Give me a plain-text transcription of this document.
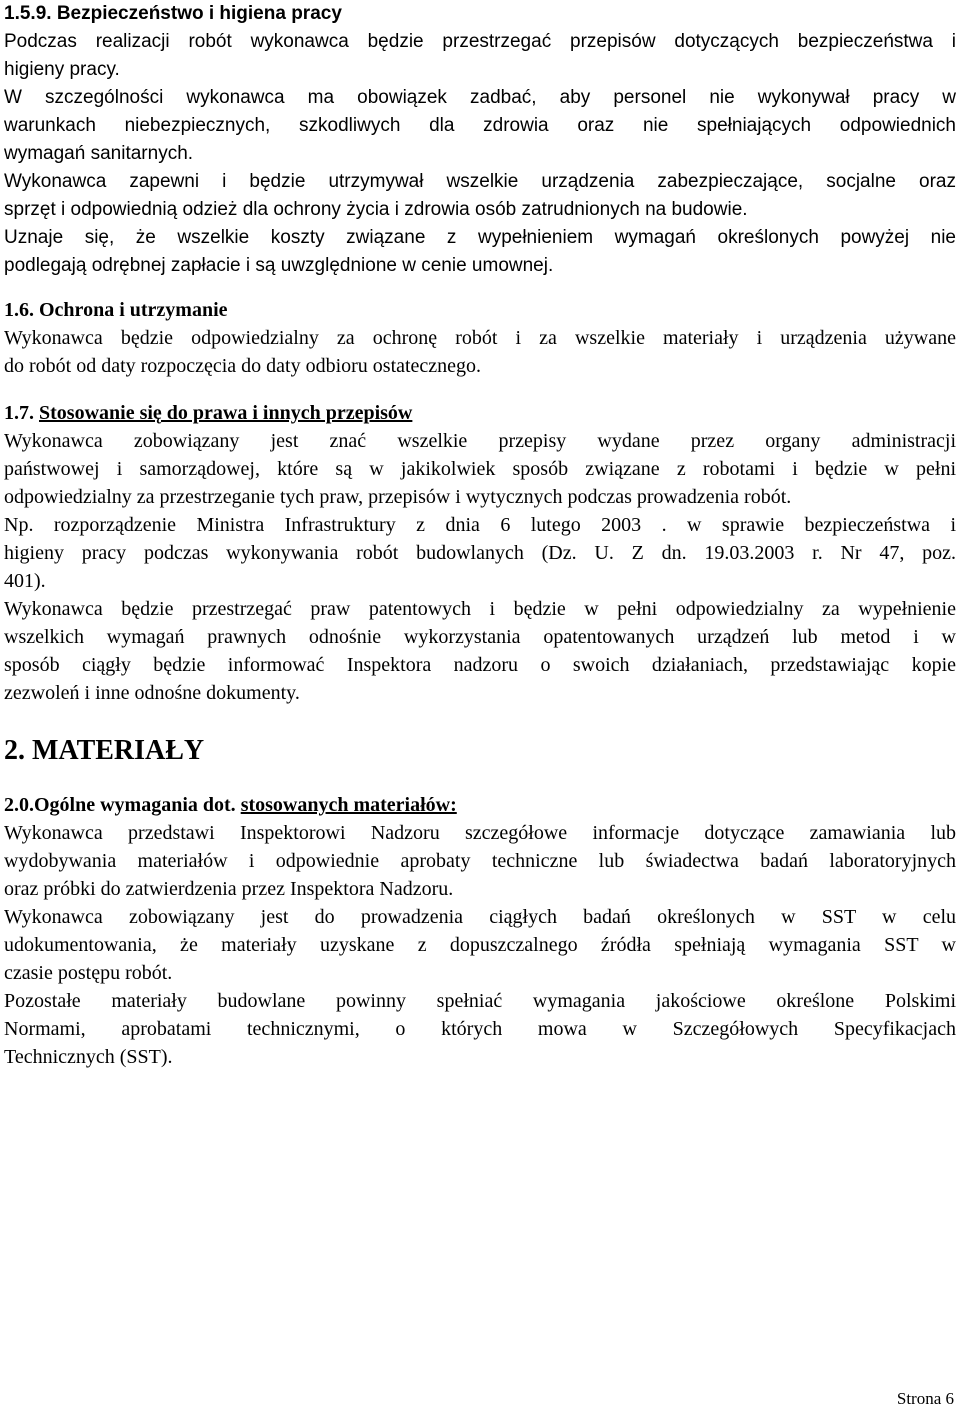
1.5.9. Bezpieczeństwo i higiena pracy
Podczas realizacji robót wykonawca będzie przestrzegać przepisów dotyczących bezpieczeństwa i
higieny pracy.
W szczególności wykonawca ma obowiązek zadbać, aby personel nie wykonywał pracy w
warunkach niebezpiecznych, szkodliwych dla zdrowia oraz nie spełniających odpowiednich
wymagań sanitarnych.
Wykonawca zapewni i będzie utrzymywał wszelkie urządzenia zabezpieczające, socjalne oraz
sprzęt i odpowiednią odzież dla ochrony życia i zdrowia osób zatrudnionych na budowie.
Uznaje się, że wszelkie koszty związane z wypełnieniem wymagań określonych powyżej nie
podlegają odrębnej zapłacie i są uwzględnione w cenie umownej.
1.6. Ochrona i utrzymanie
Wykonawca będzie odpowiedzialny za ochronę robót i za wszelkie materiały i urządzenia używane
do robót od daty rozpoczęcia do daty odbioru ostatecznego.
1.7. Stosowanie się do prawa i innych przepisów
Wykonawca zobowiązany jest znać wszelkie przepisy wydane przez organy administracji
państwowej i samorządowej, które są w jakikolwiek sposób związane z robotami i będzie w pełni
odpowiedzialny za przestrzeganie tych praw, przepisów i wytycznych podczas prowadzenia robót.
Np. rozporządzenie Ministra Infrastruktury z dnia 6 lutego 2003 . w sprawie bezpieczeństwa i
higieny pracy podczas wykonywania robót budowlanych (Dz. U. Z dn. 19.03.2003 r. Nr 47, poz.
401).
Wykonawca będzie przestrzegać praw patentowych i będzie w pełni odpowiedzialny za wypełnienie
wszelkich wymagań prawnych odnośnie wykorzystania opatentowanych urządzeń lub metod i w
sposób ciągły będzie informować Inspektora nadzoru o swoich działaniach, przedstawiając kopie
zezwoleń i inne odnośne dokumenty.
2. MATERIAŁY
2.0.Ogólne wymagania dot. stosowanych materiałów:
Wykonawca przedstawi Inspektorowi Nadzoru szczegółowe informacje dotyczące zamawiania lub
wydobywania materiałów i odpowiednie aprobaty techniczne lub świadectwa badań laboratoryjnych
oraz próbki do zatwierdzenia przez Inspektora Nadzoru.
Wykonawca zobowiązany jest do prowadzenia ciągłych badań określonych w SST w celu
udokumentowania, że materiały uzyskane z dopuszczalnego źródła spełniają wymagania SST w
czasie postępu robót.
Pozostałe materiały budowlane powinny spełniać wymagania jakościowe określone Polskimi
Normami, aprobatami technicznymi, o których mowa w Szczegółowych Specyfikacjach
Technicznych (SST).
Strona 6
